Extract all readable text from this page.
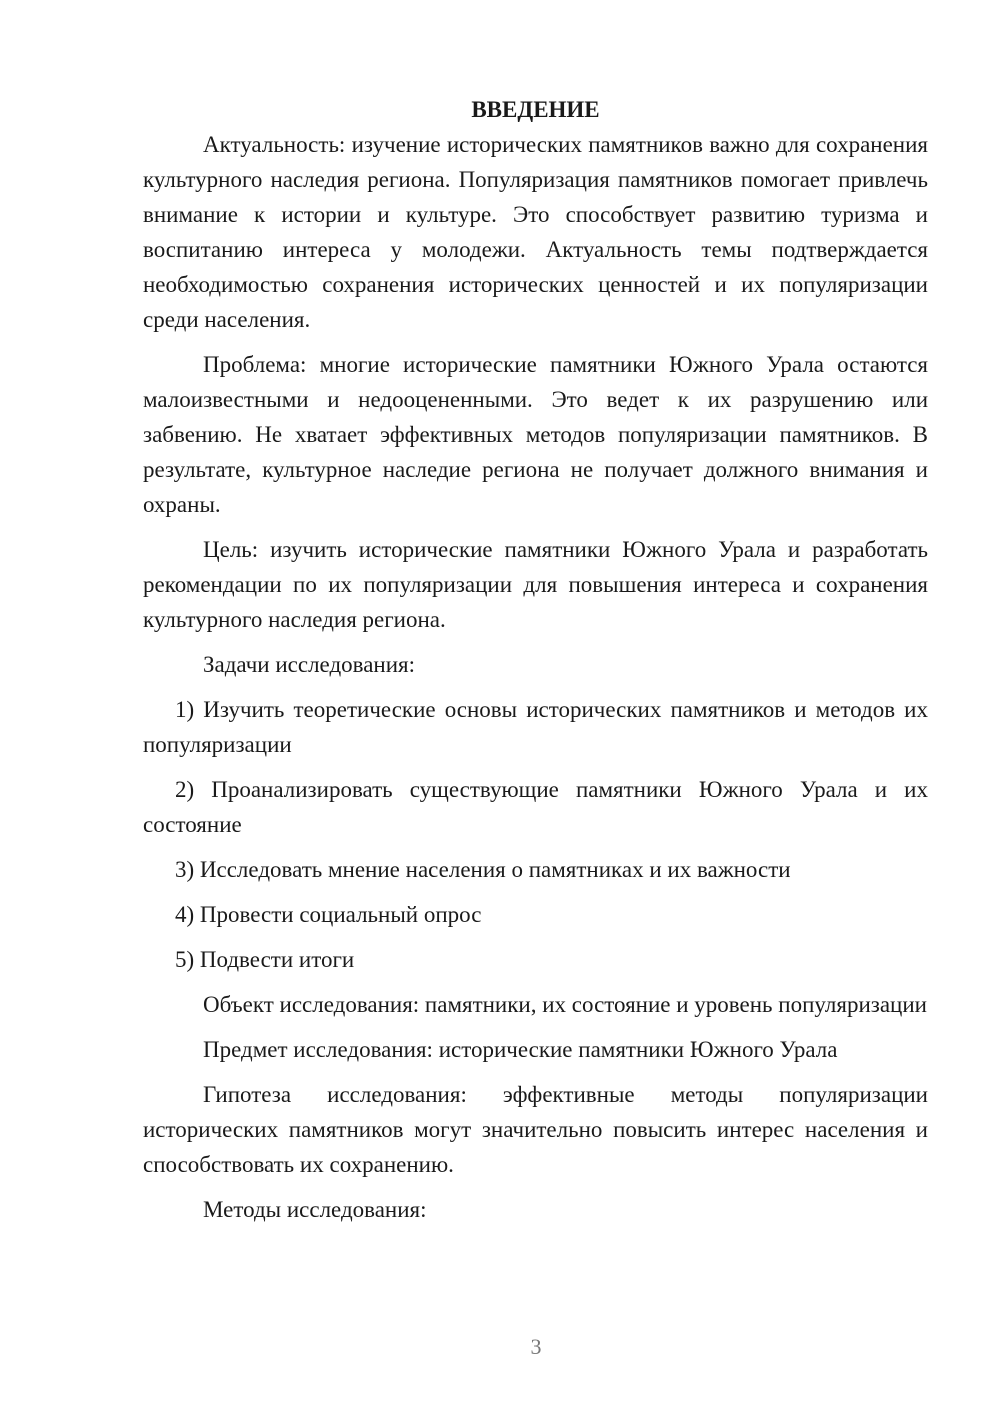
ВВЕДЕНИЕ

Актуальность: изучение исторических памятников важно для сохранения культурного наследия региона. Популяризация памятников помогает привлечь внимание к истории и культуре. Это способствует развитию туризма и воспитанию интереса у молодежи. Актуальность темы подтверждается необходимостью сохранения исторических ценностей и их популяризации среди населения.

Проблема: многие исторические памятники Южного Урала остаются малоизвестными и недооцененными. Это ведет к их разрушению или забвению. Не хватает эффективных методов популяризации памятников. В результате, культурное наследие региона не получает должного внимания и охраны.

Цель: изучить исторические памятники Южного Урала и разработать рекомендации по их популяризации для повышения интереса и сохранения культурного наследия региона.

Задачи исследования:

1) Изучить теоретические основы исторических памятников и методов их популяризации

2) Проанализировать существующие памятники Южного Урала и их состояние

3) Исследовать мнение населения о памятниках и их важности

4) Провести социальный опрос

5) Подвести итоги

Объект исследования: памятники, их состояние и уровень популяризации

Предмет исследования: исторические памятники Южного Урала

Гипотеза исследования: эффективные методы популяризации исторических памятников могут значительно повысить интерес населения и способствовать их сохранению.

Методы исследования:

3
